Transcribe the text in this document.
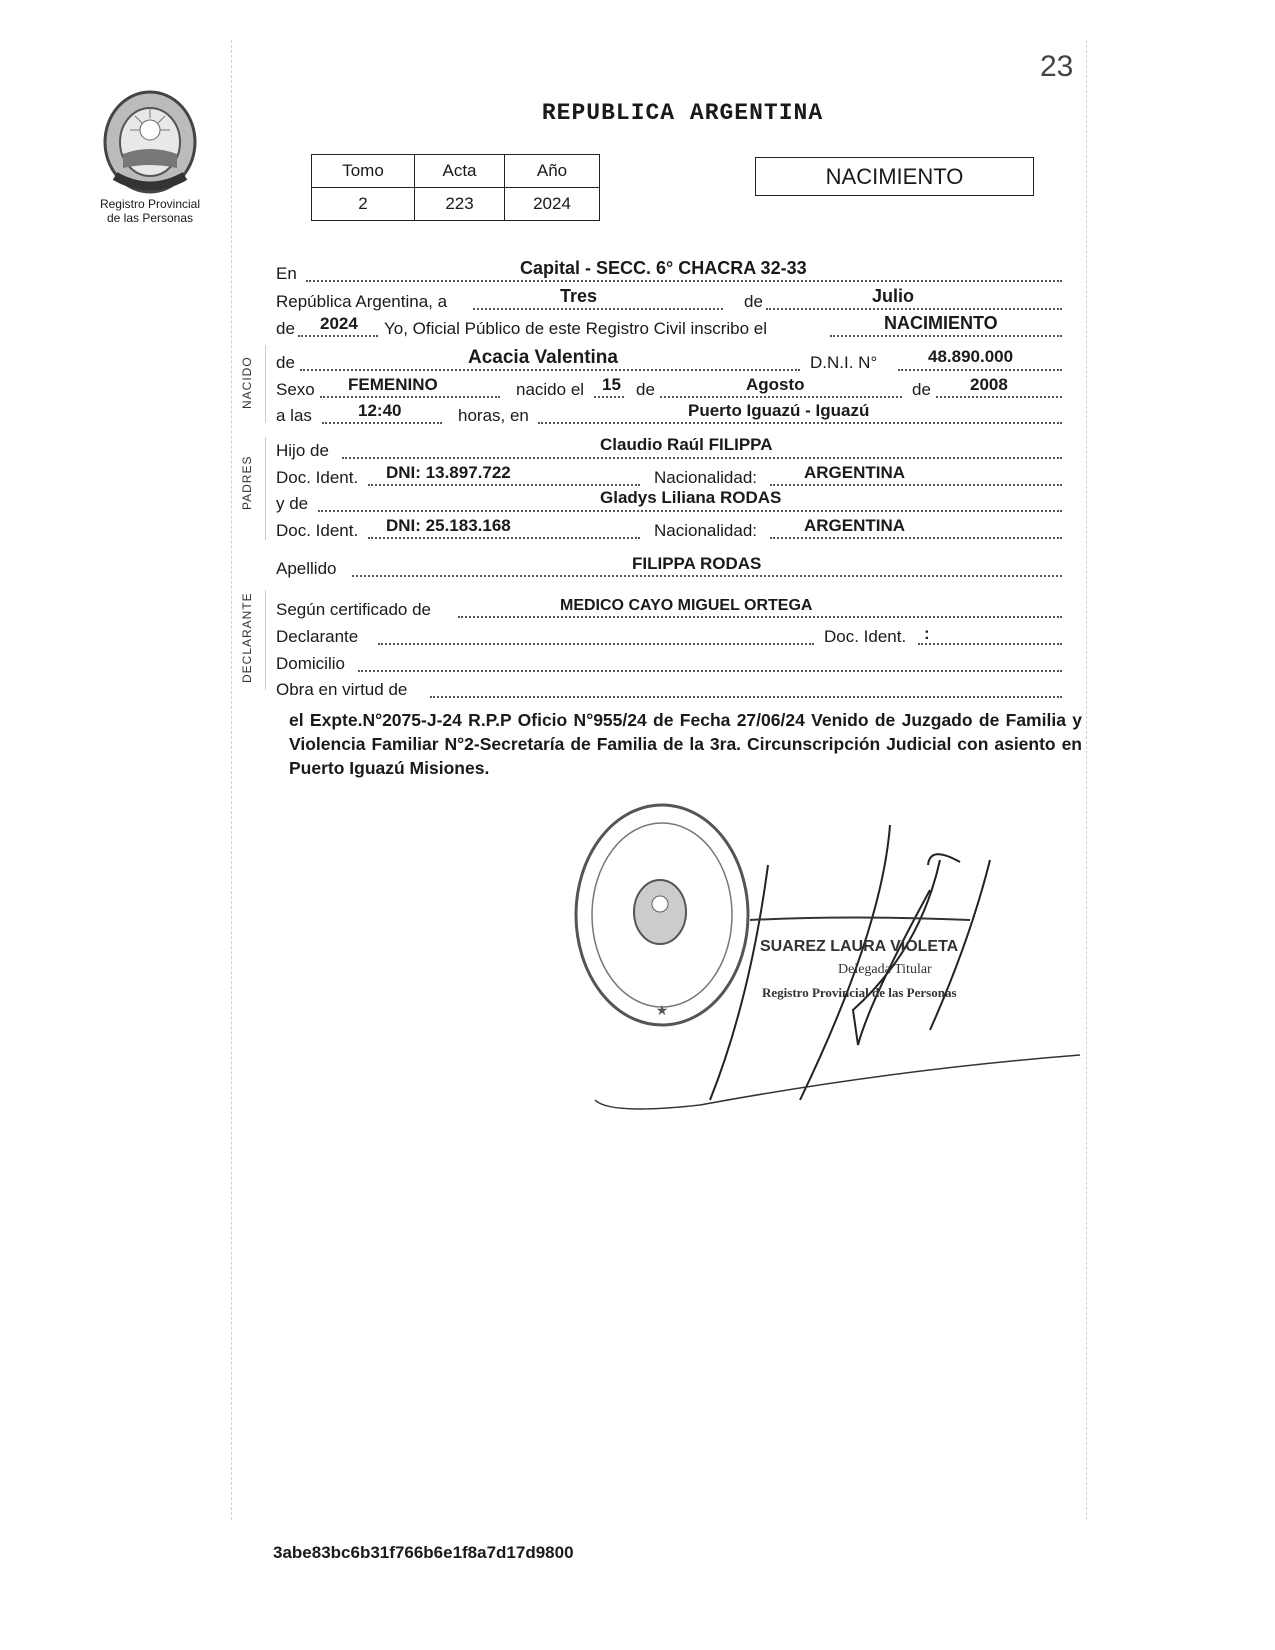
23
Registro Provincial
de las Personas
REPUBLICA ARGENTINA
Tomo	Acta	Año
2	223	2024
NACIMIENTO
NACIDO
PADRES
DECLARANTE
En	Capital - SECC. 6° CHACRA 32-33
República Argentina, a	Tres	de	Julio
de 2024 Yo, Oficial Público de este Registro Civil inscribo el	NACIMIENTO
de	Acacia Valentina	D.N.I. N°	48.890.000
Sexo FEMENINO	nacido el 15 de	Agosto	de 2008
a las	12:40	horas, en	Puerto Iguazú - Iguazú
Hijo de	Claudio Raúl FILIPPA
Doc. Ident. DNI: 13.897.722	Nacionalidad:	ARGENTINA
y de	Gladys Liliana RODAS
Doc. Ident. DNI: 25.183.168	Nacionalidad:	ARGENTINA
Apellido	FILIPPA RODAS
Según certificado de	MEDICO CAYO MIGUEL ORTEGA
Declarante	Doc. Ident. :
Domicilio
Obra en virtud de
el Expte.N°2075-J-24 R.P.P Oficio N°955/24 de Fecha 27/06/24 Venido de Juzgado de Familia y Violencia Familiar N°2-Secretaría de Familia de la 3ra. Circunscripción Judicial con asiento en Puerto Iguazú Misiones.
★
SUAREZ LAURA VIOLETA
Delegada Titular
Registro Provincial de las Personas
3abe83bc6b31f766b6e1f8a7d17d9800
